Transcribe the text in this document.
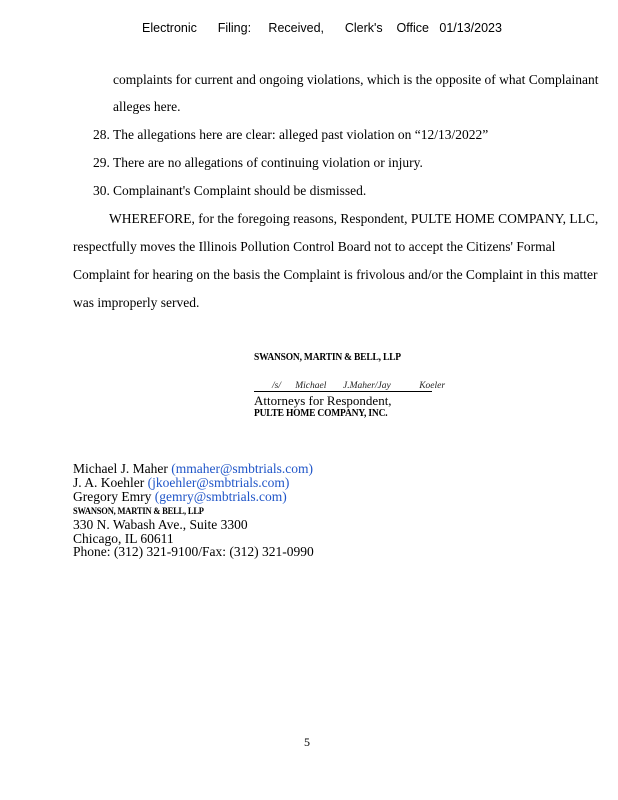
Electronic      Filing:     Received,      Clerk's    Office   01/13/2023
complaints for current and ongoing violations, which is the opposite of what Complainant
alleges here.
28. The allegations here are clear: alleged past violation on “12/13/2022”
29. There are no allegations of continuing violation or injury.
30. Complainant's Complaint should be dismissed.
WHEREFORE, for the foregoing reasons, Respondent, PULTE HOME COMPANY, LLC,
respectfully moves the Illinois Pollution Control Board not to accept the Citizens' Formal
Complaint for hearing on the basis the Complaint is frivolous and/or the Complaint in this matter
was improperly served.
SWANSON, MARTIN & BELL, LLP
/s/      Michael       J.Maher/Jay            Koeler
Attorneys for Respondent,
PULTE HOME COMPANY, INC.
Michael J. Maher (mmaher@smbtrials.com)
J. A. Koehler (jkoehler@smbtrials.com)
Gregory Emry (gemry@smbtrials.com)
SWANSON, MARTIN & BELL, LLP
330 N. Wabash Ave., Suite 3300
Chicago, IL 60611
Phone: (312) 321-9100/Fax: (312) 321-0990
5
